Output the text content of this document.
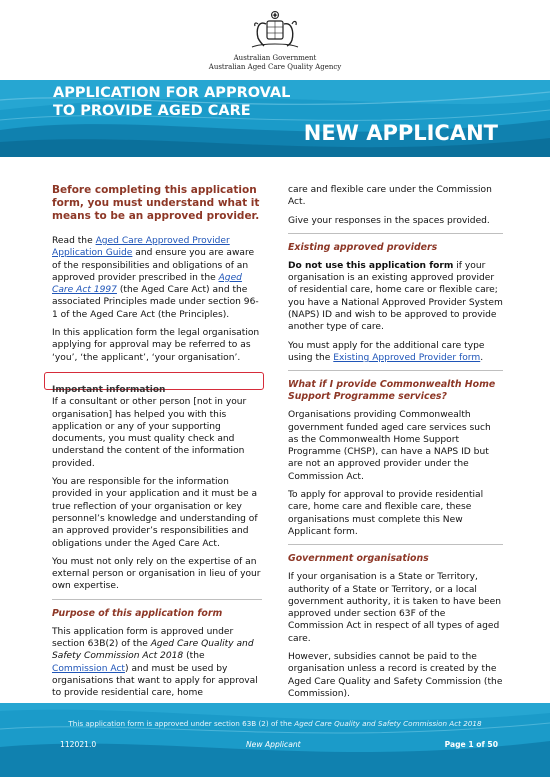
Australian Government
Australian Aged Care Quality Agency
APPLICATION FOR APPROVAL
TO PROVIDE AGED CARE
NEW APPLICANT

Before completing this application form, you must understand what it means to be an approved provider.

Read the Aged Care Approved Provider Application Guide and ensure you are aware of the responsibilities and obligations of an approved provider prescribed in the Aged Care Act 1997 (the Aged Care Act) and the associated Principles made under section 96-1 of the Aged Care Act (the Principles).

In this application form the legal organisation applying for approval may be referred to as ‘you’, ‘the applicant’, ‘your organisation’.

Important information

If a consultant or other person [not in your organisation] has helped you with this application or any of your supporting documents, you must quality check and understand the content of the information provided.

You are responsible for the information provided in your application and it must be a true reflection of your organisation or key personnel’s knowledge and understanding of an approved provider’s responsibilities and obligations under the Aged Care Act.

You must not only rely on the expertise of an external person or organisation in lieu of your own expertise.

Purpose of this application form

This application form is approved under section 63B(2) of the Aged Care Quality and Safety Commission Act 2018 (the Commission Act) and must be used by organisations that want to apply for approval to provide residential care, home

care and flexible care under the Commission Act.

Give your responses in the spaces provided.

Existing approved providers

Do not use this application form if your organisation is an existing approved provider of residential care, home care or flexible care; you have a National Approved Provider System (NAPS) ID and wish to be approved to provide another type of care.

You must apply for the additional care type using the Existing Approved Provider form.

What if I provide Commonwealth Home Support Programme services?

Organisations providing Commonwealth government funded aged care services such as the Commonwealth Home Support Programme (CHSP), can have a NAPS ID but are not an approved provider under the Commission Act.

To apply for approval to provide residential care, home care and flexible care, these organisations must complete this New Applicant form.

Government organisations

If your organisation is a State or Territory, authority of a State or Territory, or a local government authority, it is taken to have been approved under section 63F of the Commission Act in respect of all types of aged care.

However, subsidies cannot be paid to the organisation unless a record is created by the Aged Care Quality and Safety Commission (the Commission).

This application form is approved under section 63B (2) of the Aged Care Quality and Safety Commission Act 2018
112021.0	New Applicant	Page 1 of 50
